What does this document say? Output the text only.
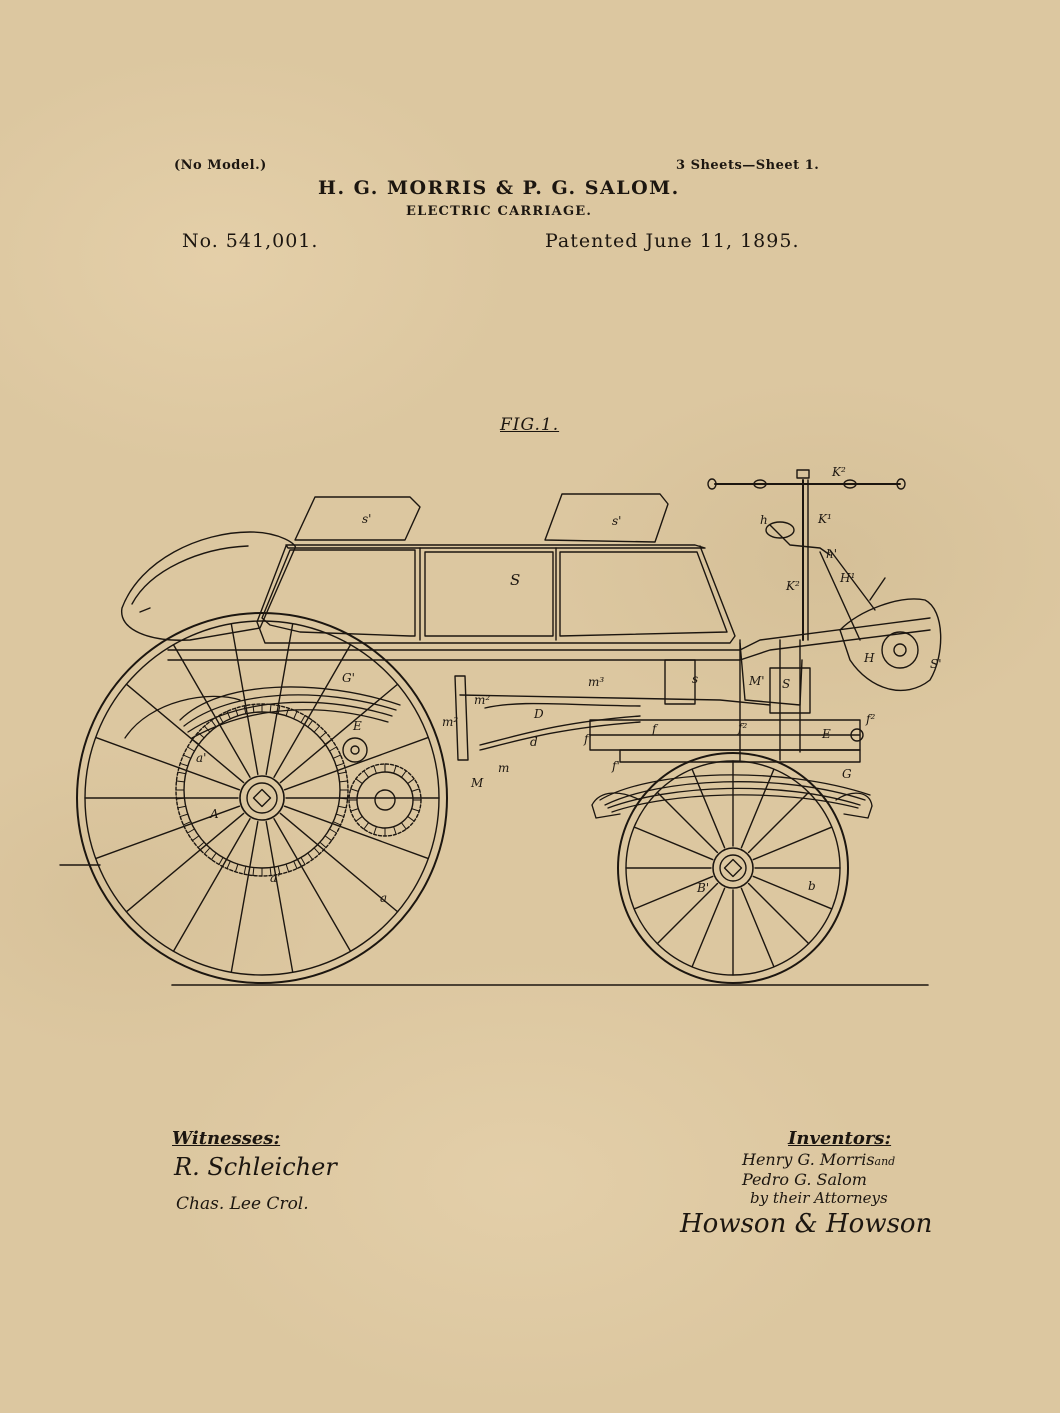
(No Model.)	3 Sheets—Sheet 1.
H. G. MORRIS & P. G. SALOM.
ELECTRIC CARRIAGE.
No. 541,001.	Patented June 11, 1895.
FIG.1.
K²
K¹
h
h'
K²
H¹
s'	s'
S
H	S'
G'	m³	s	M' S
m²
m²
D
d
E
f'
f	f²	E
f²
f'
G
m
M
a'
A
a'
a
B'	b
Witnesses:
R. Schleicher
Chas. Lee Crol.
Inventors:
Henry G. Morrisand
Pedro G. Salom
by their Attorneys
Howson & Howson
